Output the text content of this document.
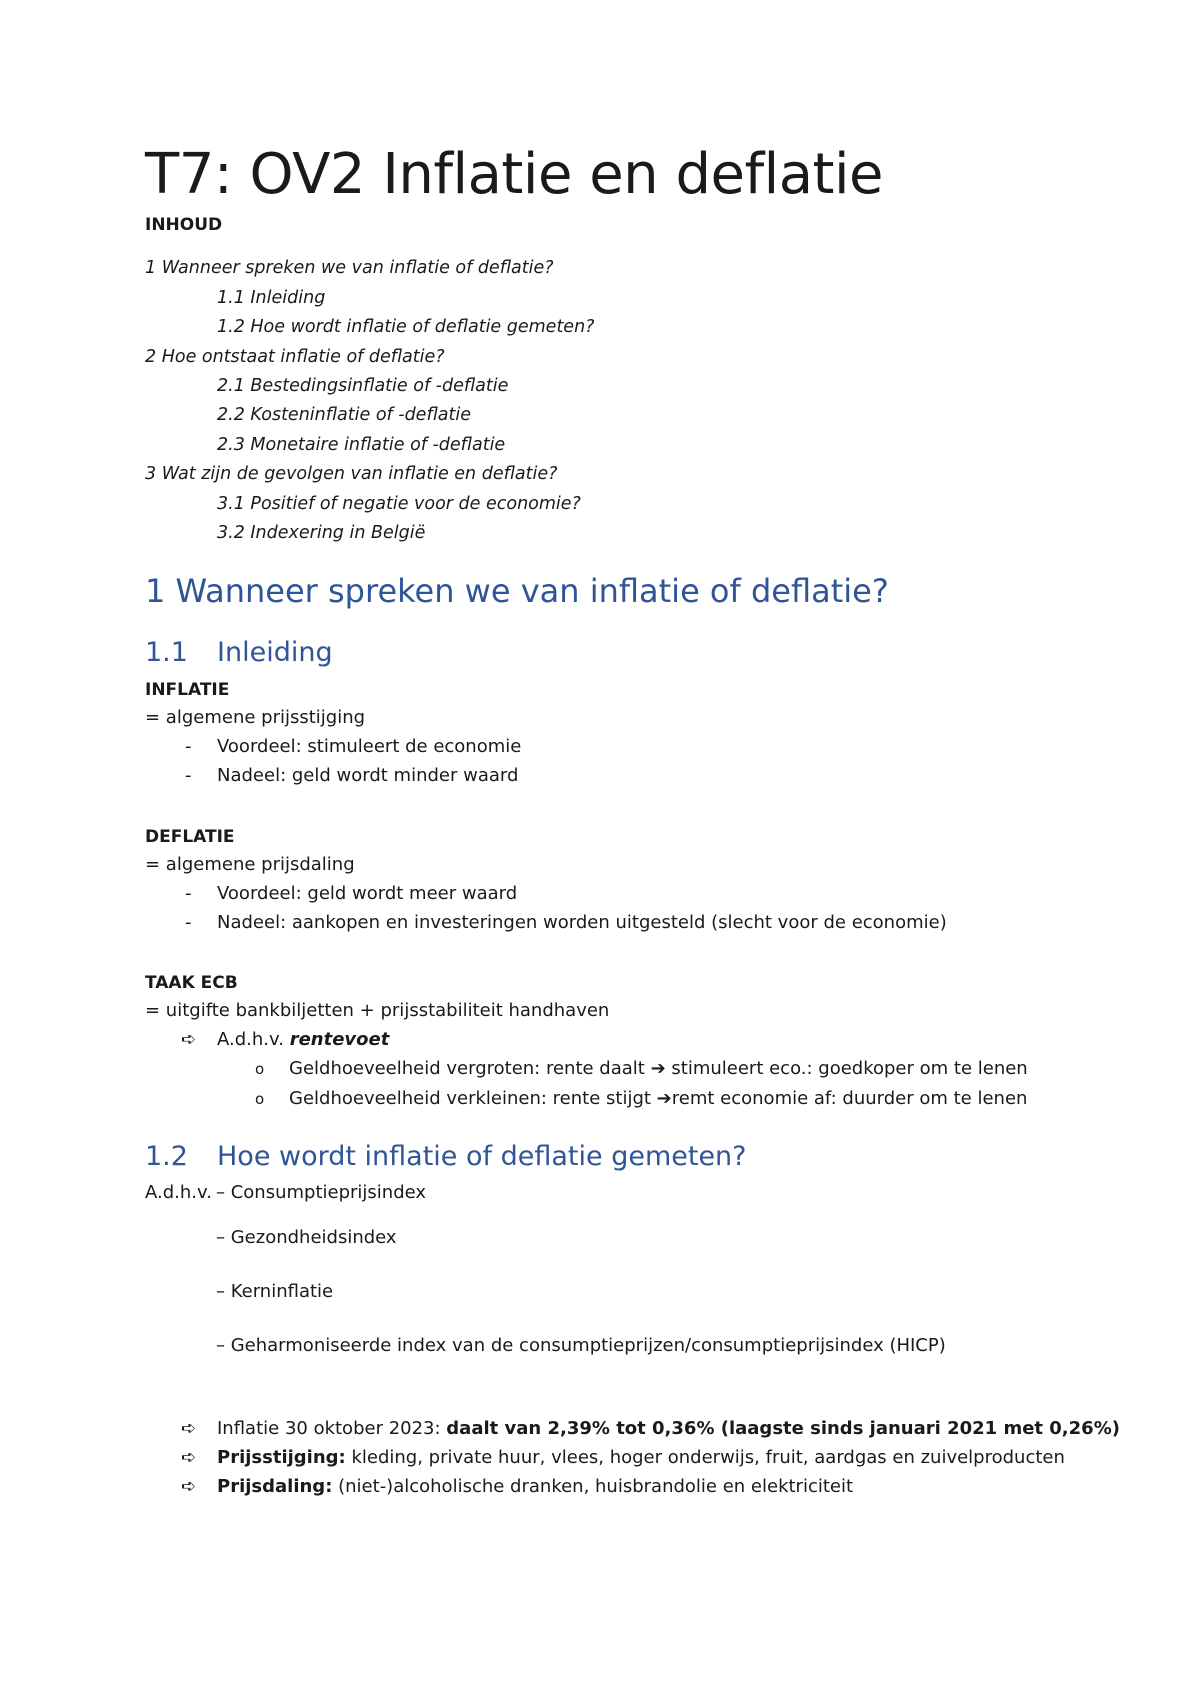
T7: OV2 Inflatie en deflatie
INHOUD
1 Wanneer spreken we van inflatie of deflatie?
1.1 Inleiding
1.2 Hoe wordt inflatie of deflatie gemeten?
2 Hoe ontstaat inflatie of deflatie?
2.1 Bestedingsinflatie of -deflatie
2.2 Kosteninflatie of -deflatie
2.3 Monetaire inflatie of -deflatie
3 Wat zijn de gevolgen van inflatie en deflatie?
3.1 Positief of negatie voor de economie?
3.2 Indexering in België
1 Wanneer spreken we van inflatie of deflatie?
1.1 Inleiding
INFLATIE
= algemene prijsstijging
- Voordeel: stimuleert de economie
- Nadeel: geld wordt minder waard
DEFLATIE
= algemene prijsdaling
- Voordeel: geld wordt meer waard
- Nadeel: aankopen en investeringen worden uitgesteld (slecht voor de economie)
TAAK ECB
= uitgifte bankbiljetten + prijsstabiliteit handhaven
➪ A.d.h.v. rentevoet
o Geldhoeveelheid vergroten: rente daalt ➔ stimuleert eco.: goedkoper om te lenen
o Geldhoeveelheid verkleinen: rente stijgt ➔remt economie af: duurder om te lenen
1.2 Hoe wordt inflatie of deflatie gemeten?
A.d.h.v. – Consumptieprijsindex
– Gezondheidsindex
– Kerninflatie
– Geharmoniseerde index van de consumptieprijzen/consumptieprijsindex (HICP)
➪ Inflatie 30 oktober 2023: daalt van 2,39% tot 0,36% (laagste sinds januari 2021 met 0,26%)
➪ Prijsstijging: kleding, private huur, vlees, hoger onderwijs, fruit, aardgas en zuivelproducten
➪ Prijsdaling: (niet-)alcoholische dranken, huisbrandolie en elektriciteit
